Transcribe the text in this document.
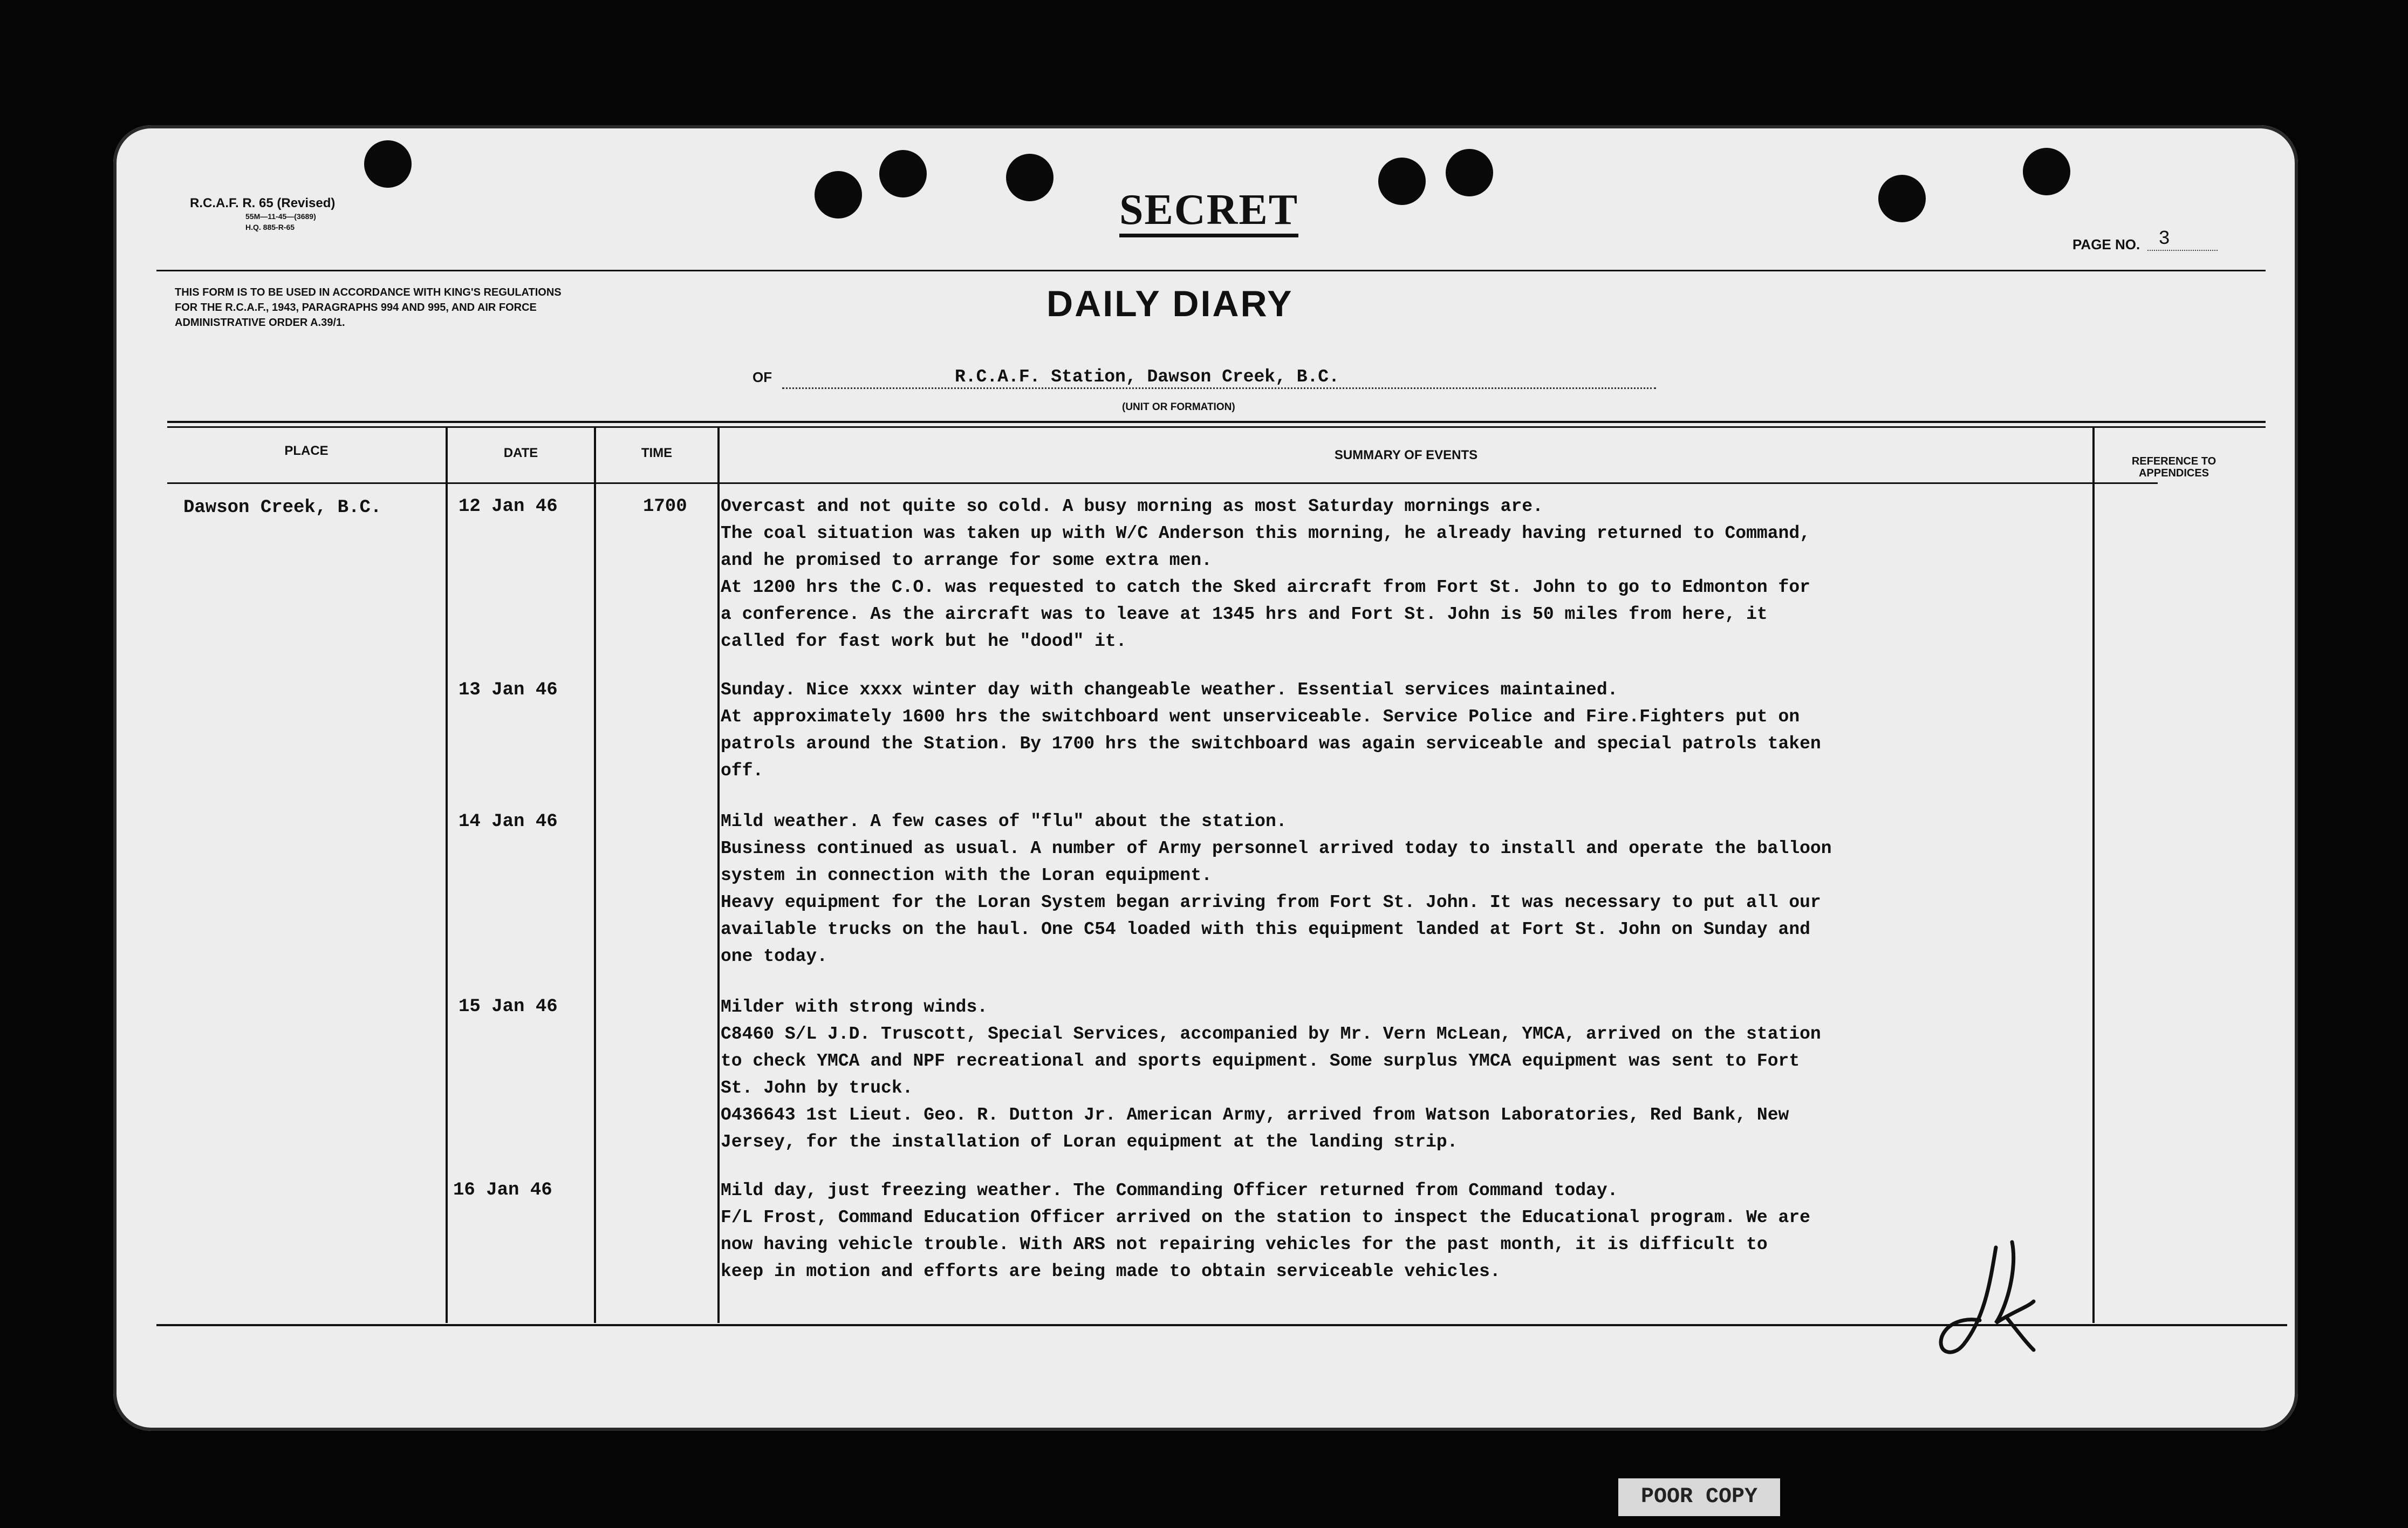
R.C.A.F. R. 65 (Revised)
55M—11-45—(3689)
H.Q. 885-R-65	SECRET
PAGE NO. 3
THIS FORM IS TO BE USED IN ACCORDANCE WITH KING'S REGULATIONS FOR THE R.C.A.F., 1943, PARAGRAPHS 994 AND 995, AND AIR FORCE ADMINISTRATIVE ORDER A.39/1.	DAILY DIARY
OF	R.C.A.F. Station, Dawson Creek, B.C.
(UNIT OR FORMATION)
PLACE	DATE	TIME	SUMMARY OF EVENTS	REFERENCE TO APPENDICES
Dawson Creek, B.C.	12 Jan 46	1700 Overcast and not quite so cold. A busy morning as most Saturday mornings are.
The coal situation was taken up with W/C Anderson this morning, he already having returned to Command,
and he promised to arrange for some extra men.
At 1200 hrs the C.O. was requested to catch the Sked aircraft from Fort St. John to go to Edmonton for
a conference. As the aircraft was to leave at 1345 hrs and Fort St. John is 50 miles from here, it
called for fast work but he "dood" it.
13 Jan 46	Sunday. Nice xxxx winter day with changeable weather. Essential services maintained.
At approximately 1600 hrs the switchboard went unserviceable. Service Police and Fire.Fighters put on
patrols around the Station. By 1700 hrs the switchboard was again serviceable and special patrols taken
off.
14 Jan 46	Mild weather. A few cases of "flu" about the station.
Business continued as usual. A number of Army personnel arrived today to install and operate the balloon
system in connection with the Loran equipment.
Heavy equipment for the Loran System began arriving from Fort St. John. It was necessary to put all our
available trucks on the haul. One C54 loaded with this equipment landed at Fort St. John on Sunday and
one today.
15 Jan 46	Milder with strong winds.
C8460 S/L J.D. Truscott, Special Services, accompanied by Mr. Vern McLean, YMCA, arrived on the station
to check YMCA and NPF recreational and sports equipment. Some surplus YMCA equipment was sent to Fort
St. John by truck.
O436643 1st Lieut. Geo. R. Dutton Jr. American Army, arrived from Watson Laboratories, Red Bank, New
Jersey, for the installation of Loran equipment at the landing strip.
16 Jan 46	Mild day, just freezing weather. The Commanding Officer returned from Command today.
F/L Frost, Command Education Officer arrived on the station to inspect the Educational program. We are
now having vehicle trouble. With ARS not repairing vehicles for the past month, it is difficult to
keep in motion and efforts are being made to obtain serviceable vehicles.
POOR COPY
